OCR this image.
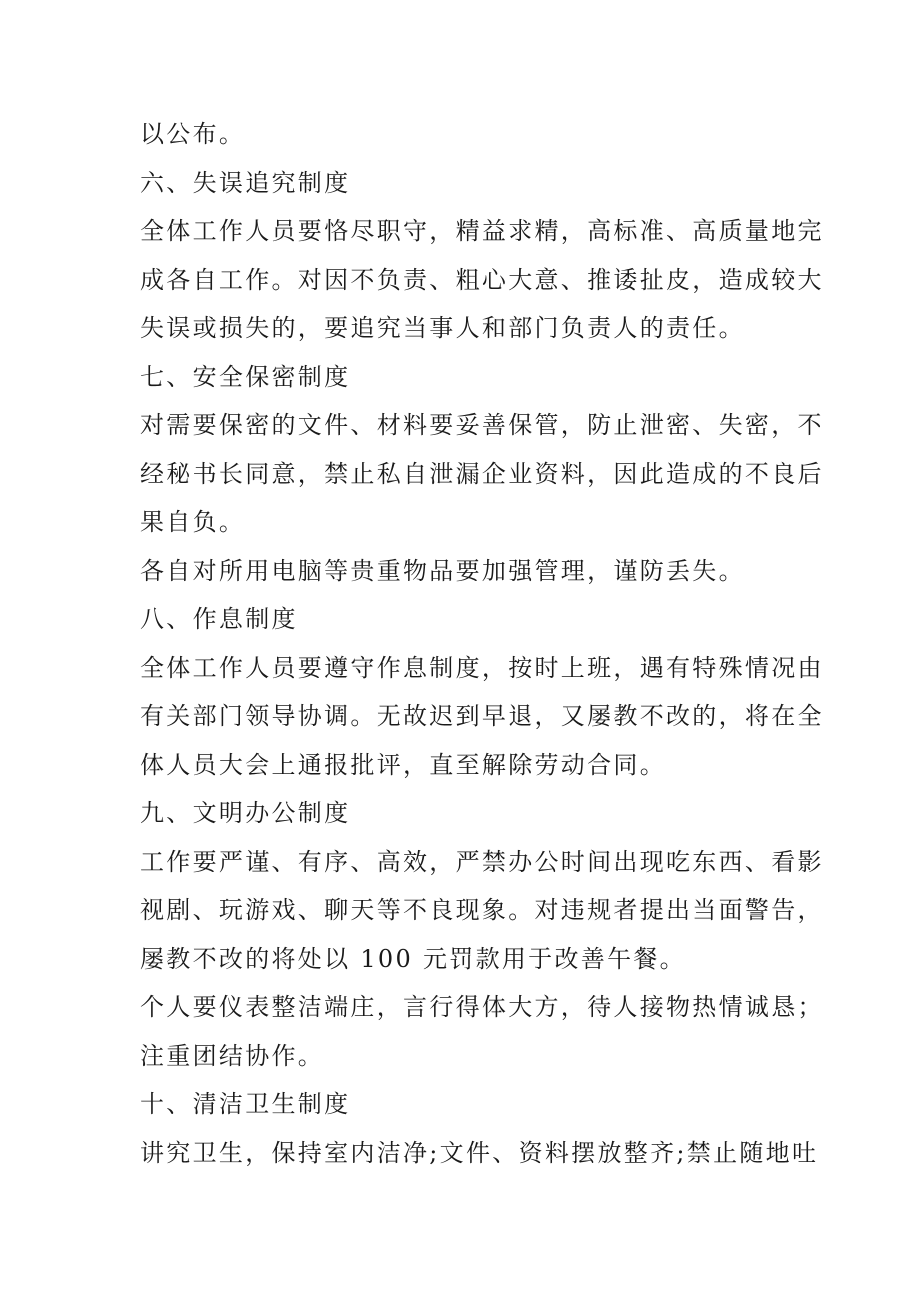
以公布。
六、失误追究制度
全体工作人员要恪尽职守，精益求精，高标准、高质量地完
成各自工作。对因不负责、粗心大意、推诿扯皮，造成较大
失误或损失的，要追究当事人和部门负责人的责任。
七、安全保密制度
对需要保密的文件、材料要妥善保管，防止泄密、失密，不
经秘书长同意，禁止私自泄漏企业资料，因此造成的不良后
果自负。
各自对所用电脑等贵重物品要加强管理，谨防丢失。
八、作息制度
全体工作人员要遵守作息制度，按时上班，遇有特殊情况由
有关部门领导协调。无故迟到早退，又屡教不改的，将在全
体人员大会上通报批评，直至解除劳动合同。
九、文明办公制度
工作要严谨、有序、高效，严禁办公时间出现吃东西、看影
视剧、玩游戏、聊天等不良现象。对违规者提出当面警告，
屡教不改的将处以 100 元罚款用于改善午餐。
个人要仪表整洁端庄，言行得体大方，待人接物热情诚恳；
注重团结协作。
十、清洁卫生制度
讲究卫生，保持室内洁净;文件、资料摆放整齐;禁止随地吐
